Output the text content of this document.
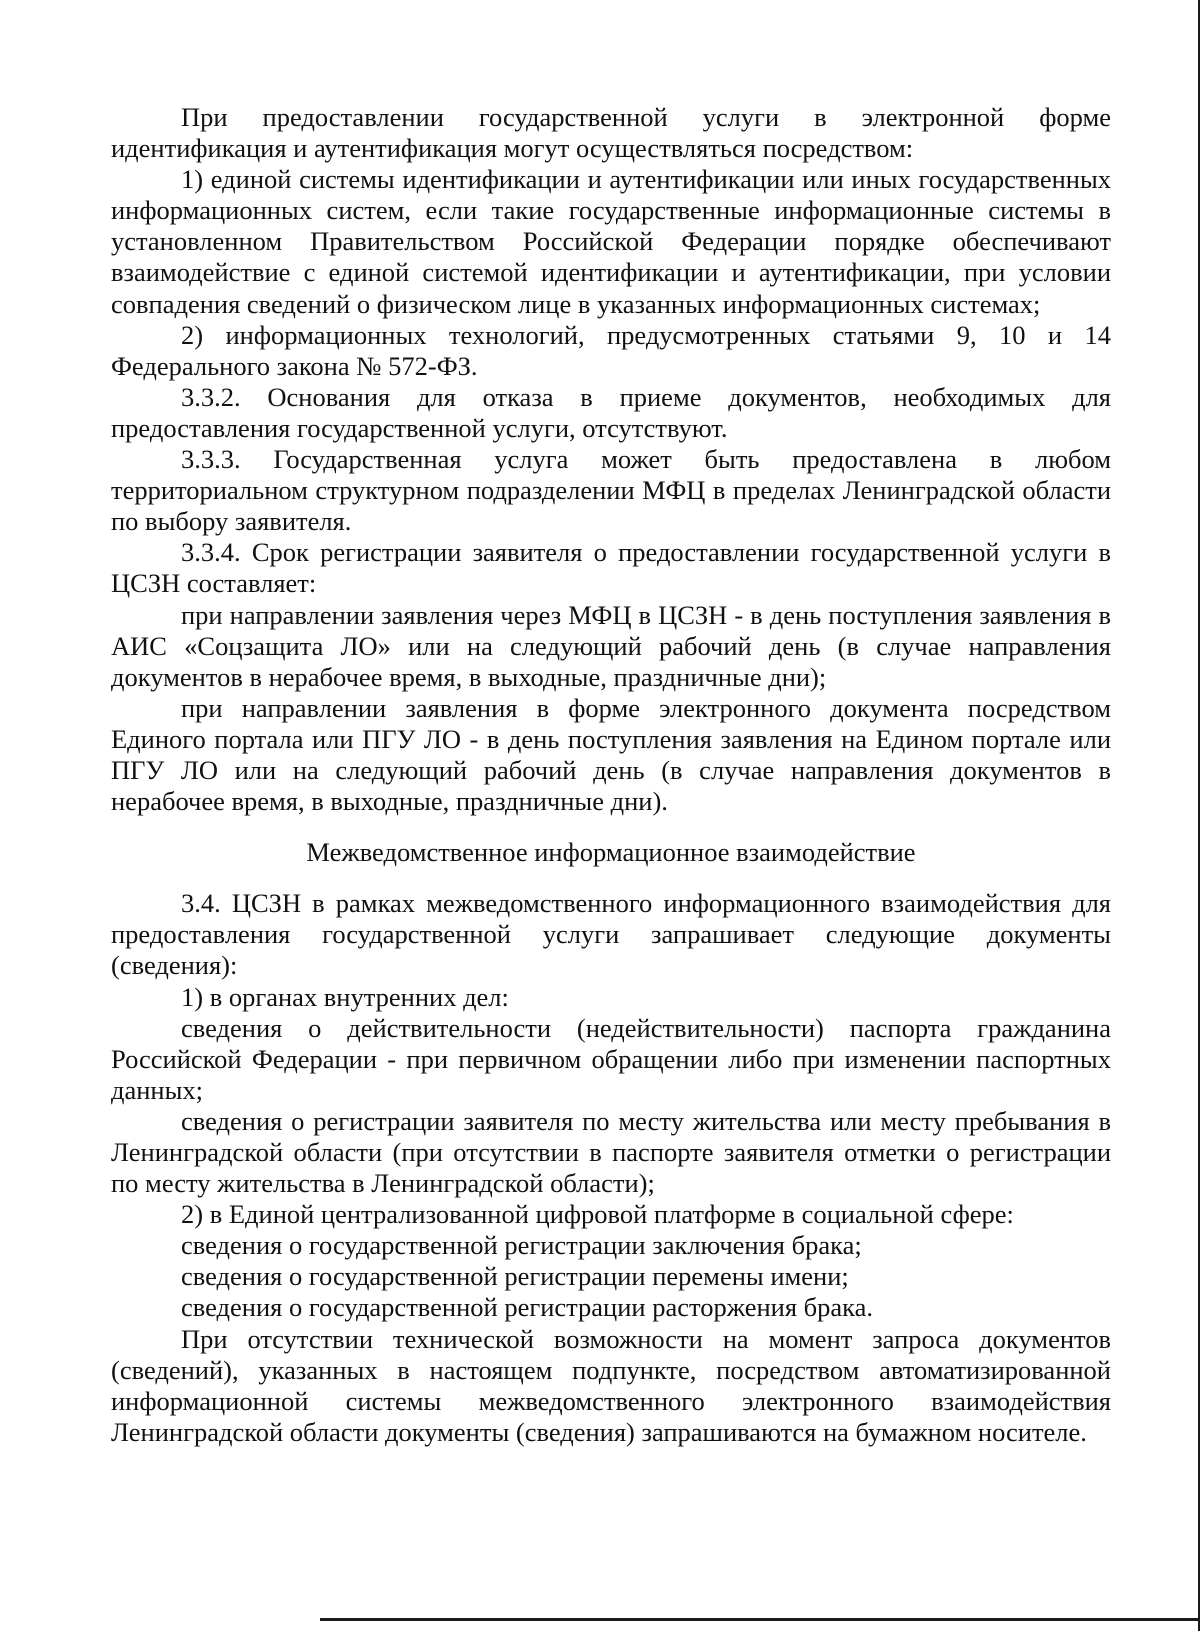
При предоставлении государственной услуги в электронной форме идентификация и аутентификация могут осуществляться посредством:

1) единой системы идентификации и аутентификации или иных государственных информационных систем, если такие государственные информационные системы в установленном Правительством Российской Федерации порядке обеспечивают взаимодействие с единой системой идентификации и аутентификации, при условии совпадения сведений о физическом лице в указанных информационных системах;

2) информационных технологий, предусмотренных статьями 9, 10 и 14 Федерального закона № 572-ФЗ.

3.3.2. Основания для отказа в приеме документов, необходимых для предоставления государственной услуги, отсутствуют.

3.3.3. Государственная услуга может быть предоставлена в любом территориальном структурном подразделении МФЦ в пределах Ленинградской области по выбору заявителя.

3.3.4. Срок регистрации заявителя о предоставлении государственной услуги в ЦСЗН составляет:

при направлении заявления через МФЦ в ЦСЗН - в день поступления заявления в АИС «Соцзащита ЛО» или на следующий рабочий день (в случае направления документов в нерабочее время, в выходные, праздничные дни);

при направлении заявления в форме электронного документа посредством Единого портала или ПГУ ЛО - в день поступления заявления на Едином портале или ПГУ ЛО или на следующий рабочий день (в случае направления документов в нерабочее время, в выходные, праздничные дни).

Межведомственное информационное взаимодействие

3.4. ЦСЗН в рамках межведомственного информационного взаимодействия для предоставления государственной услуги запрашивает следующие документы (сведения):

1) в органах внутренних дел:

сведения о действительности (недействительности) паспорта гражданина Российской Федерации - при первичном обращении либо при изменении паспортных данных;

сведения о регистрации заявителя по месту жительства или месту пребывания в Ленинградской области (при отсутствии в паспорте заявителя отметки о регистрации по месту жительства в Ленинградской области);

2) в Единой централизованной цифровой платформе в социальной сфере:

сведения о государственной регистрации заключения брака;

сведения о государственной регистрации перемены имени;

сведения о государственной регистрации расторжения брака.

При отсутствии технической возможности на момент запроса документов (сведений), указанных в настоящем подпункте, посредством автоматизированной информационной системы межведомственного электронного взаимодействия Ленинградской области документы (сведения) запрашиваются на бумажном носителе.
